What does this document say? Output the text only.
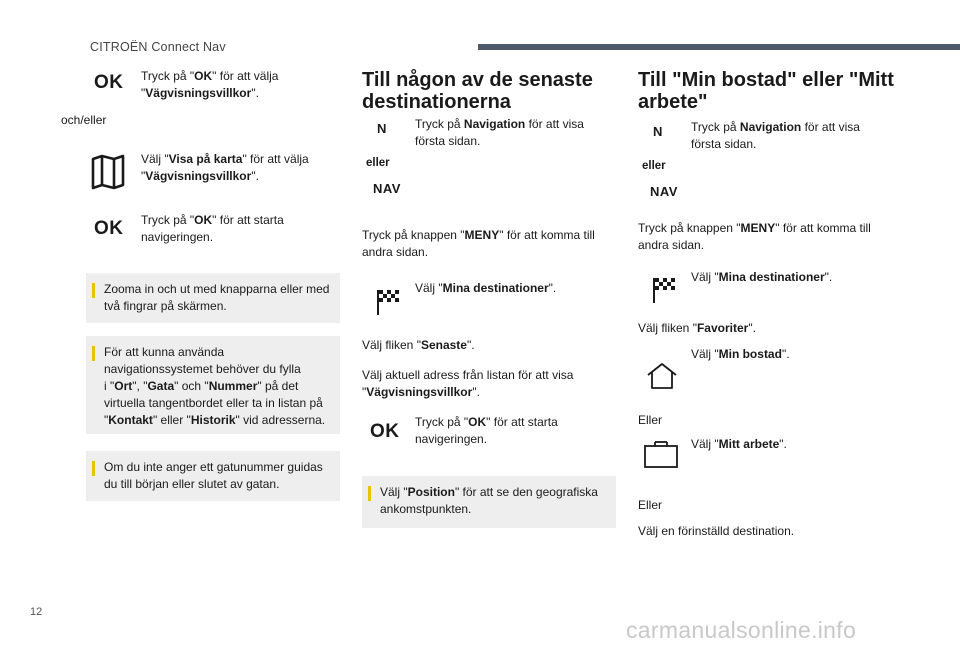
CITROËN Connect Nav
OK Tryck på "OK" för att välja
"Vägvisningsvillkor".
och/eller
Välj "Visa på karta" för att välja
"Vägvisningsvillkor".
OK Tryck på "OK" för att starta
navigeringen.
Zooma in och ut med knapparna eller med
två fingrar på skärmen.
För att kunna använda
navigationssystemet behöver du fylla
i "Ort", "Gata" och "Nummer" på det
virtuella tangentbordet eller ta in listan på
"Kontakt" eller "Historik" vid adresserna.
Om du inte anger ett gatunummer guidas
du till början eller slutet av gatan.
Till någon av de senaste
destinationerna
N
eller
NAV
Tryck på Navigation för att visa
första sidan.
Tryck på knappen "MENY" för att komma till
andra sidan.
Välj "Mina destinationer".
Välj fliken "Senaste".
Välj aktuell adress från listan för att visa
"Vägvisningsvillkor".
OK Tryck på "OK" för att starta
navigeringen.
Välj "Position" för att se den geografiska
ankomstpunkten.
Till "Min bostad" eller "Mitt
arbete"
N
eller
NAV
Tryck på Navigation för att visa
första sidan.
Tryck på knappen "MENY" för att komma till
andra sidan.
Välj "Mina destinationer".
Välj fliken "Favoriter".
Välj "Min bostad".
Eller
Välj "Mitt arbete".
Eller
Välj en förinställd destination.
12
carmanualsonline.info
